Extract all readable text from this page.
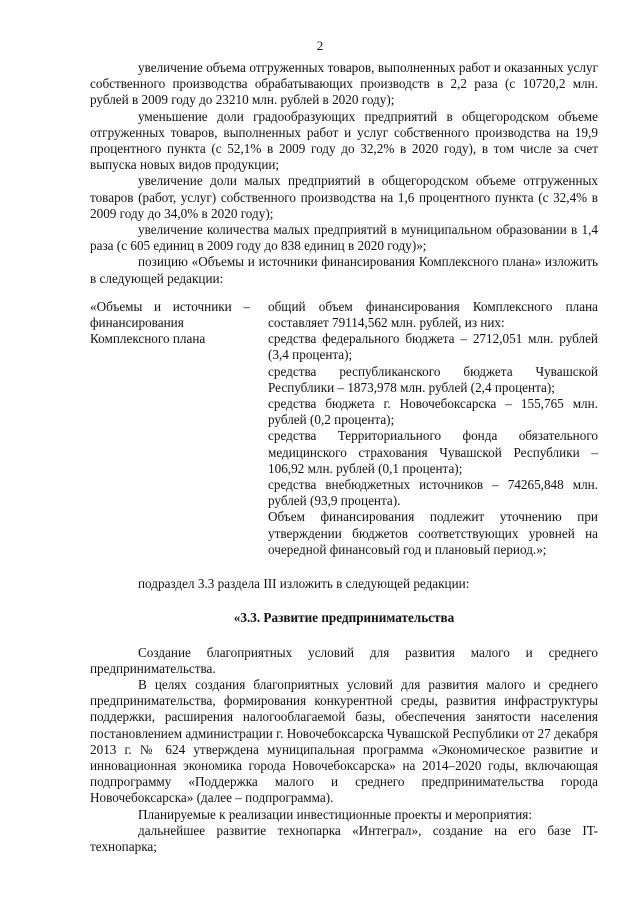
2

увеличение объема отгруженных товаров, выполненных работ и оказанных услуг собственного производства обрабатывающих производств в 2,2 раза (с 10720,2 млн. рублей в 2009 году до 23210 млн. рублей в 2020 году);

уменьшение доли градообразующих предприятий в общегородском объеме отгруженных товаров, выполненных работ и услуг собственного производства на 19,9 процентного пункта (с 52,1% в 2009 году до 32,2% в 2020 году), в том числе за счет выпуска новых видов продукции;

увеличение доли малых предприятий в общегородском объеме отгруженных товаров (работ, услуг) собственного производства на 1,6 процентного пункта (с 32,4% в 2009 году до 34,0% в 2020 году);

увеличение количества малых предприятий в муниципальном образовании в 1,4 раза (с 605 единиц в 2009 году до 838 единиц в 2020 году)»;

позицию «Объемы и источники финансирования Комплексного плана» изложить в следующей редакции:

«Объемы и источники – финансирования Комплексного плана

общий объем финансирования Комплексного плана составляет 79114,562 млн. рублей, из них:

средства федерального бюджета – 2712,051 млн. рублей (3,4 процента);

средства республиканского бюджета Чувашской Республики – 1873,978 млн. рублей (2,4 процента);

средства бюджета г. Новочебоксарска – 155,765 млн. рублей (0,2 процента);

средства Территориального фонда обязательного медицинского страхования Чувашской Республики – 106,92 млн. рублей (0,1 процента);

средства внебюджетных источников – 74265,848 млн. рублей (93,9 процента).

Объем финансирования подлежит уточнению при утверждении бюджетов соответствующих уровней на очередной финансовый год и плановый период.»;

подраздел 3.3 раздела III изложить в следующей редакции:

«3.3. Развитие предпринимательства

Создание благоприятных условий для развития малого и среднего предпринимательства.

В целях создания благоприятных условий для развития малого и среднего предпринимательства, формирования конкурентной среды, развития инфраструктуры поддержки, расширения налогооблагаемой базы, обеспечения занятости населения постановлением администрации г. Новочебоксарска Чувашской Республики от 27 декабря 2013 г. № 624 утверждена муниципальная программа «Экономическое развитие и инновационная экономика города Новочебоксарска» на 2014–2020 годы, включающая подпрограмму «Поддержка малого и среднего предпринимательства города Новочебоксарска» (далее – подпрограмма).

Планируемые к реализации инвестиционные проекты и мероприятия:

дальнейшее развитие технопарка «Интеграл», создание на его базе IT-технопарка;
